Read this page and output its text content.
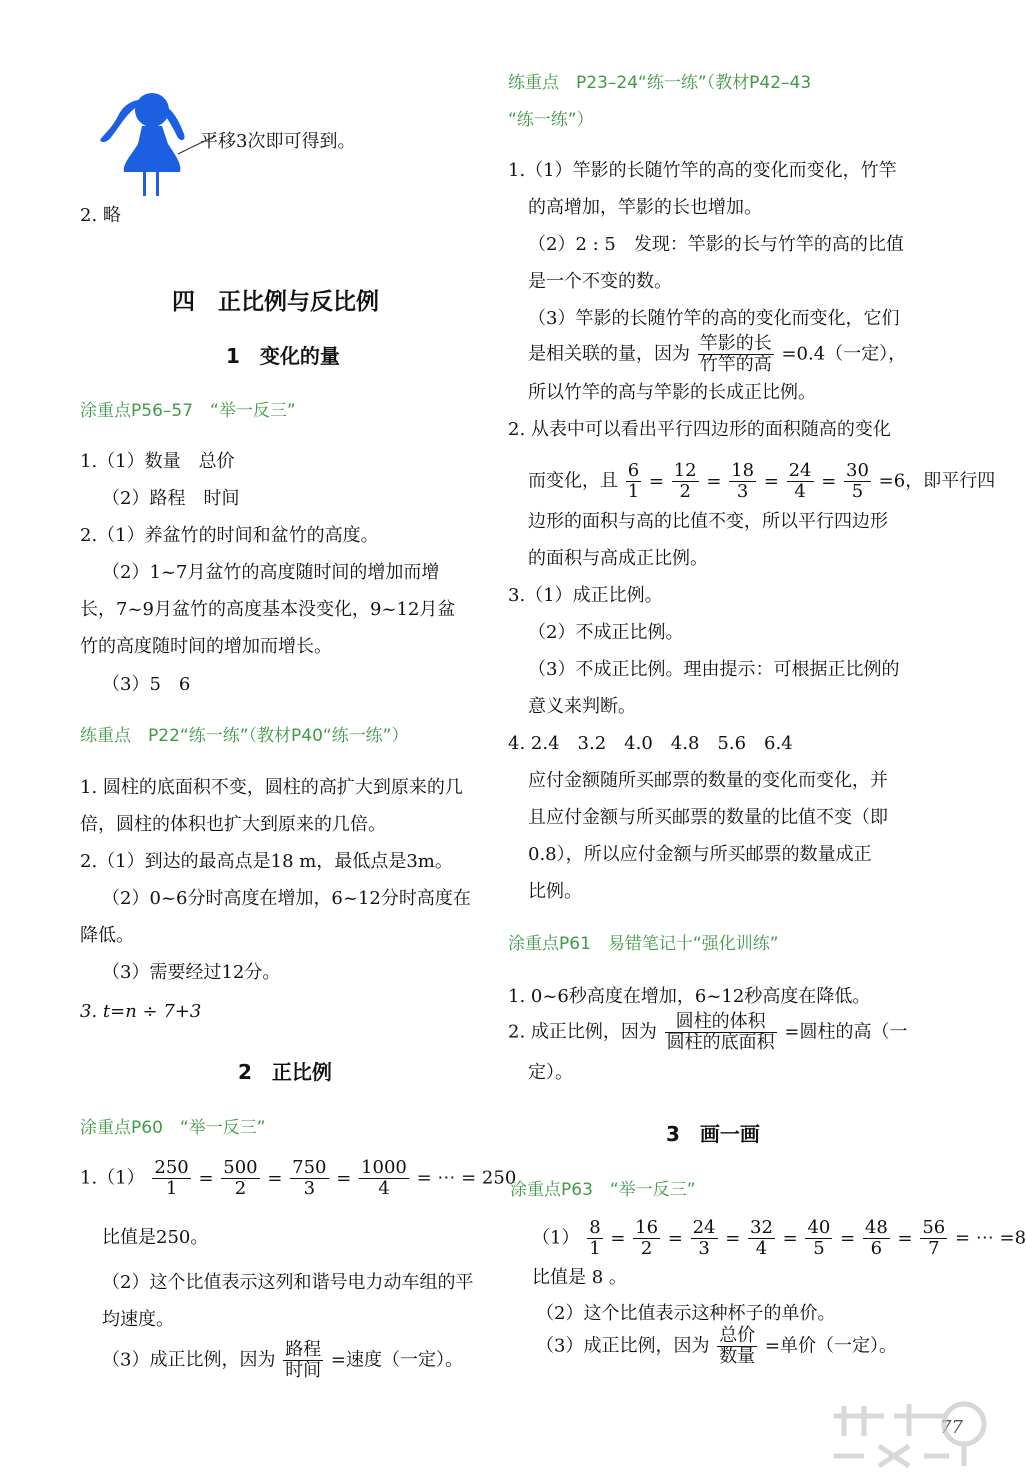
平移3次即可得到。
2. 略
四　正比例与反比例
1　变化的量
涂重点P56–57　“举一反三”
1.（1）数量　总价
（2）路程　时间
2.（1）养盆竹的时间和盆竹的高度。
（2）1~7月盆竹的高度随时间的增加而增
长，7~9月盆竹的高度基本没变化，9~12月盆
竹的高度随时间的增加而增长。
（3）5　6
练重点　P22“练一练”（教材P40“练一练”）
1. 圆柱的底面积不变，圆柱的高扩大到原来的几
倍，圆柱的体积也扩大到原来的几倍。
2.（1）到达的最高点是18 m，最低点是3m。
（2）0~6分时高度在增加，6~12分时高度在
降低。
（3）需要经过12分。
3. t=n ÷ 7+3
2　正比例
涂重点P60　“举一反三”
$1.(1) \frac{250}{1} = \frac{500}{2} = \frac{750}{3} = \frac{1000}{4}$ = ⋯ = 250
比值是250。
（2）这个比值表示这列和谐号电力动车组的平
均速度。
（3）成正比例，因为 $\frac{\text{路程}}{\text{时间}}$ =速度（一定）。
练重点　P23–24“练一练”（教材P42–43
“练一练”）
1.（1）竿影的长随竹竿的高的变化而变化，竹竿
的高增加，竿影的长也增加。
（2）2 : 5　发现：竿影的长与竹竿的高的比值
是一个不变的数。
（3）竿影的长随竹竿的高的变化而变化，它们
是相关联的量，因为 $\frac{\text{竿影的长}}{\text{竹竿的高}} =0.4$（一定），
所以竹竿的高与竿影的长成正比例。
2. 从表中可以看出平行四边形的面积随高的变化
而变化，且 $\frac{6}{1} = \frac{12}{2} = \frac{18}{3} = \frac{24}{4} = \frac{30}{5} =6$，即平行四
边形的面积与高的比值不变，所以平行四边形
的面积与高成正比例。
3.（1）成正比例。
（2）不成正比例。
（3）不成正比例。理由提示：可根据正比例的
意义来判断。
4. 2.4　3.2　4.0　4.8　5.6　6.4
应付金额随所买邮票的数量的变化而变化，并
且应付金额与所买邮票的数量的比值不变（即
0.8），所以应付金额与所买邮票的数量成正
比例。
涂重点P61　易错笔记十“强化训练”
1. 0~6秒高度在增加，6~12秒高度在降低。
2. 成正比例，因为 $\frac{\text{圆柱的体积}}{\text{圆柱的底面积}}$ =圆柱的高（一
定）。
3　画一画
涂重点P63　“举一反三”
$(1) \frac{8}{1} = \frac{16}{2} = \frac{24}{3} = \frac{32}{4} = \frac{40}{5} = \frac{48}{6} = \frac{56}{7}$ = ⋯ =8
比值是 8 。
（2）这个比值表示这种杯子的单价。
（3）成正比例，因为 $\frac{\text{总价}}{\text{数量}}$ =单价（一定）。
77
